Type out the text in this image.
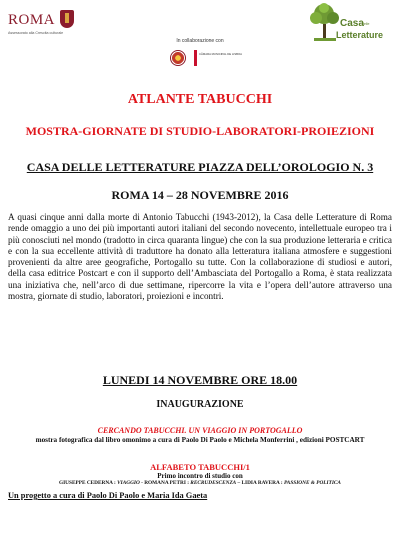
ROMA
Assessorato alla Crescita culturale
In collaborazione con
CÂMARA MUNICIPAL DE LISBOA
Casa
delle
Letterature
ATLANTE TABUCCHI
MOSTRA-GIORNATE DI STUDIO-LABORATORI-PROIEZIONI
CASA DELLE LETTERATURE PIAZZA DELL’OROLOGIO N. 3
ROMA 14 – 28 NOVEMBRE 2016
A quasi cinque anni dalla morte di Antonio Tabucchi (1943-2012), la Casa delle Letterature di Roma rende omaggio a uno dei più importanti autori italiani del secondo novecento, intellettuale europeo tra i più conosciuti nel mondo (tradotto in circa quaranta lingue) che con la sua produzione letteraria e critica e con la sua eccellente attività di traduttore ha donato alla letteratura italiana atmosfere e suggestioni provenienti da altre aree geografiche, Portogallo su tutte. Con la collaborazione di studiosi e autori, della casa editrice Postcart e con il supporto dell’Ambasciata del Portogallo a Roma, è stata realizzata una iniziativa che, nell’arco di due settimane, ripercorre la vita e l’opera dell’autore attraverso una mostra, giornate di studio, laboratori, proiezioni e incontri.
LUNEDI 14 NOVEMBRE ORE 18.00
INAUGURAZIONE
CERCANDO TABUCCHI. UN VIAGGIO IN PORTOGALLO
mostra fotografica dal libro omonimo a cura di Paolo Di Paolo e Michela Monferrini , edizioni POSTCART
ALFABETO TABUCCHI/1
Primo incontro di studio con
GIUSEPPE CEDERNA : VIAGGIO - ROMANA PETRI : RECRUDESCENZA – LIDIA RAVERA : PASSIONE & POLITICA
Un progetto a cura di Paolo Di Paolo e Maria Ida Gaeta
